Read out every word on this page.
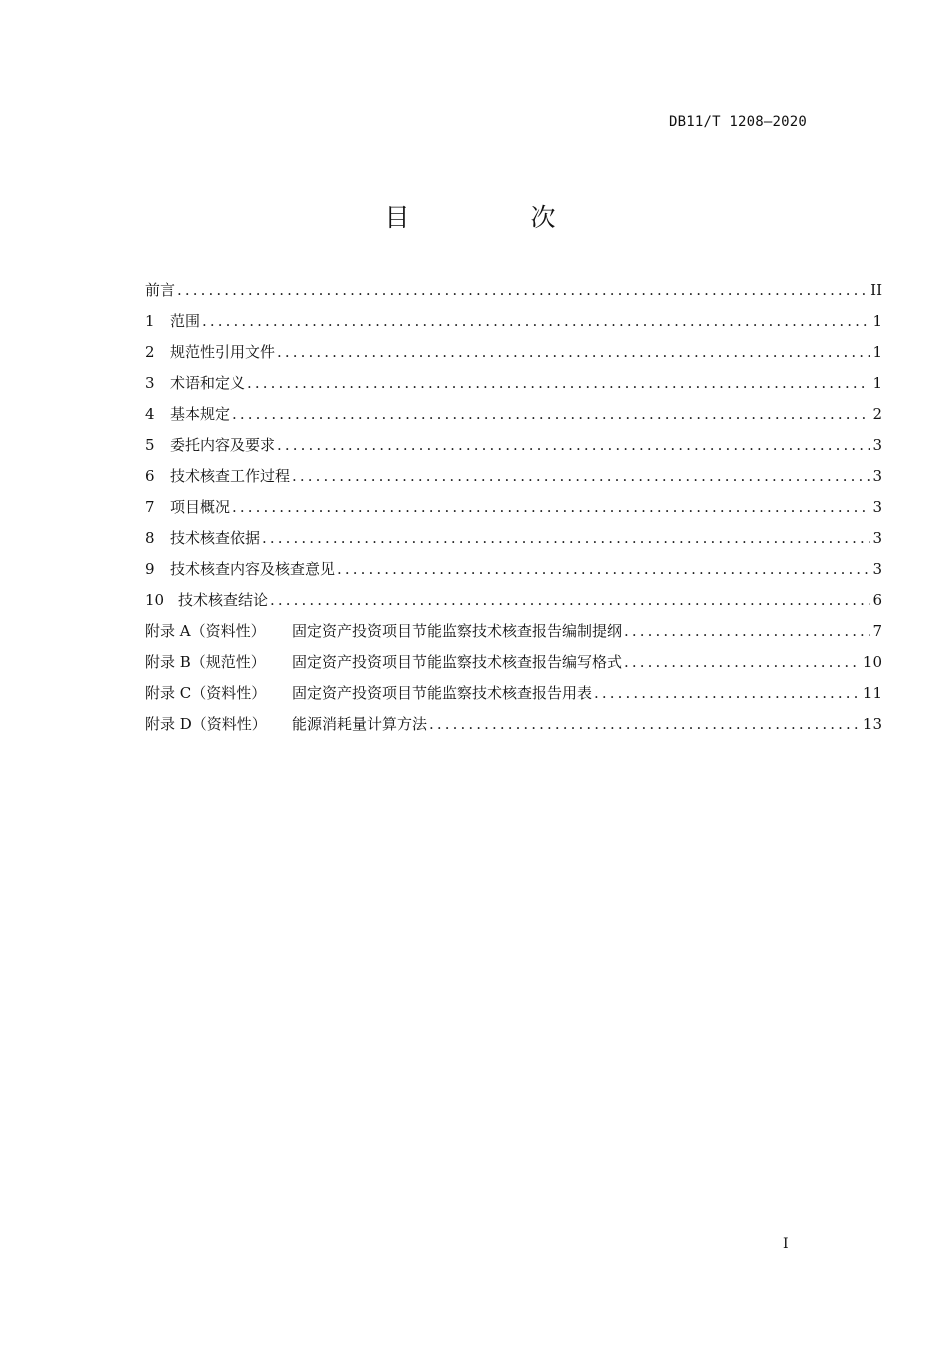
DB11/T 1208—2020
目　次
前言 .....	II
1	范围 .....	1
2	规范性引用文件 .....	1
3	术语和定义 .....	1
4	基本规定 .....	2
5	委托内容及要求 .....	3
6	技术核查工作过程 .....	3
7	项目概况 .....	3
8	技术核查依据 .....	3
9	技术核查内容及核查意见 .....	3
10 技术核查结论 .....	6
附录 A（资料性）	固定资产投资项目节能监察技术核查报告编制提纲 .....	7
附录 B（规范性）	固定资产投资项目节能监察技术核查报告编写格式 .....	10
附录 C（资料性）	固定资产投资项目节能监察技术核查报告用表 .....	11
附录 D（资料性）	能源消耗量计算方法 .....	13
I
